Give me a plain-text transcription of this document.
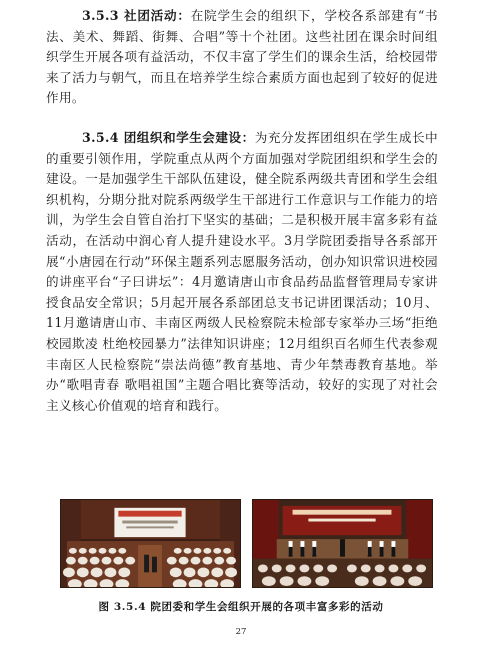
3.5.3 社团活动：在院学生会的组织下，学校各系部建有“书法、美术、舞蹈、街舞、合唱”等十个社团。这些社团在课余时间组织学生开展各项有益活动，不仅丰富了学生们的课余生活，给校园带来了活力与朝气，而且在培养学生综合素质方面也起到了较好的促进作用。

3.5.4 团组织和学生会建设：为充分发挥团组织在学生成长中的重要引领作用，学院重点从两个方面加强对学院团组织和学生会的建设。一是加强学生干部队伍建设，健全院系两级共青团和学生会组织机构，分期分批对院系两级学生干部进行工作意识与工作能力的培训，为学生会自管自治打下坚实的基础；二是积极开展丰富多彩有益活动，在活动中润心育人提升建设水平。3月学院团委指导各系部开展“小唐园在行动”环保主题系列志愿服务活动，创办知识常识进校园的讲座平台“子曰讲坛”：4月邀请唐山市食品药品监督管理局专家讲授食品安全常识；5月起开展各系部团总支书记讲团课活动；10月、11月邀请唐山市、丰南区两级人民检察院未检部专家举办三场“拒绝校园欺凌 杜绝校园暴力”法律知识讲座；12月组织百名师生代表参观丰南区人民检察院“崇法尚德”教育基地、青少年禁毒教育基地。举办“歌唱青春 歌唱祖国”主题合唱比赛等活动，较好的实现了对社会主义核心价值观的培育和践行。

图 3.5.4 院团委和学生会组织开展的各项丰富多彩的活动
27
